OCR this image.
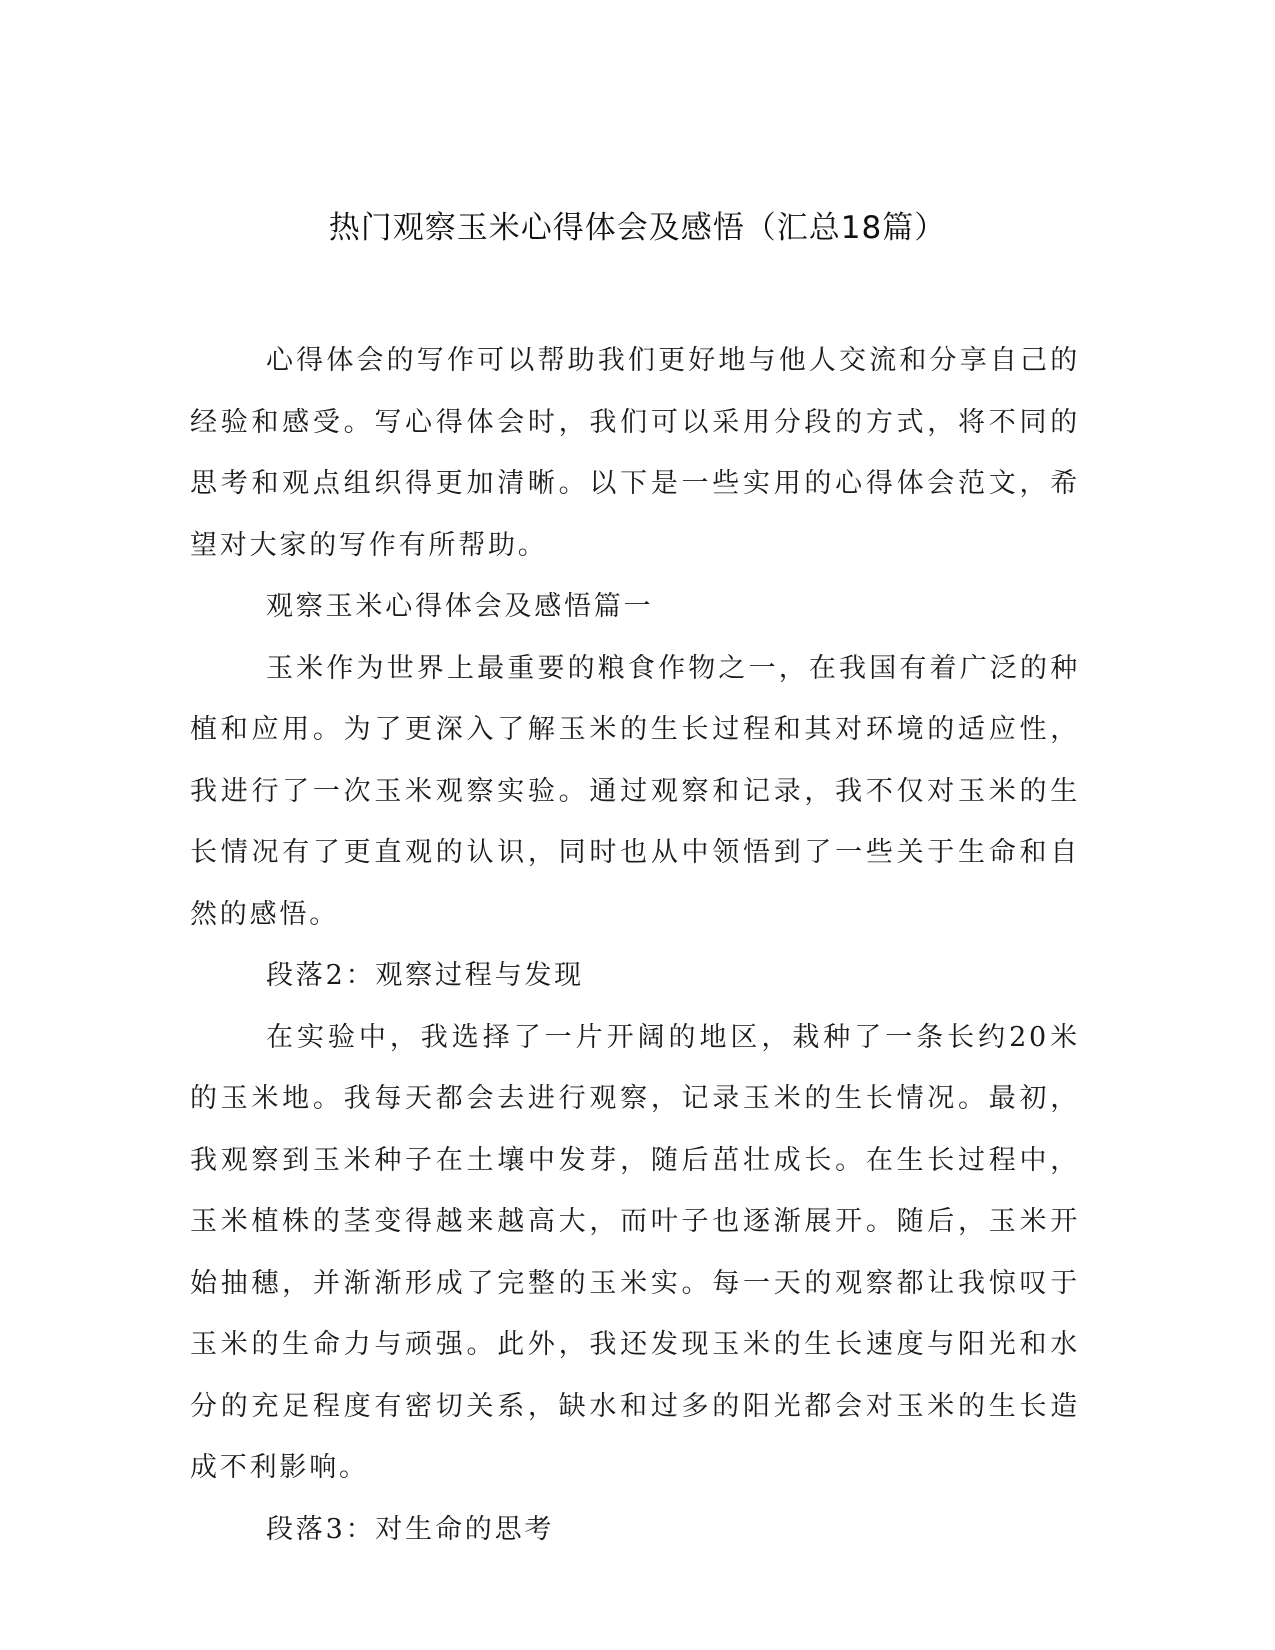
热门观察玉米心得体会及感悟（汇总18篇）

心得体会的写作可以帮助我们更好地与他人交流和分享自己的经验和感受。写心得体会时，我们可以采用分段的方式，将不同的思考和观点组织得更加清晰。以下是一些实用的心得体会范文，希望对大家的写作有所帮助。

观察玉米心得体会及感悟篇一

玉米作为世界上最重要的粮食作物之一，在我国有着广泛的种植和应用。为了更深入了解玉米的生长过程和其对环境的适应性，我进行了一次玉米观察实验。通过观察和记录，我不仅对玉米的生长情况有了更直观的认识，同时也从中领悟到了一些关于生命和自然的感悟。

段落2：观察过程与发现

在实验中，我选择了一片开阔的地区，栽种了一条长约20米的玉米地。我每天都会去进行观察，记录玉米的生长情况。最初，我观察到玉米种子在土壤中发芽，随后茁壮成长。在生长过程中，玉米植株的茎变得越来越高大，而叶子也逐渐展开。随后，玉米开始抽穗，并渐渐形成了完整的玉米实。每一天的观察都让我惊叹于玉米的生命力与顽强。此外，我还发现玉米的生长速度与阳光和水分的充足程度有密切关系，缺水和过多的阳光都会对玉米的生长造成不利影响。

段落3：对生命的思考
